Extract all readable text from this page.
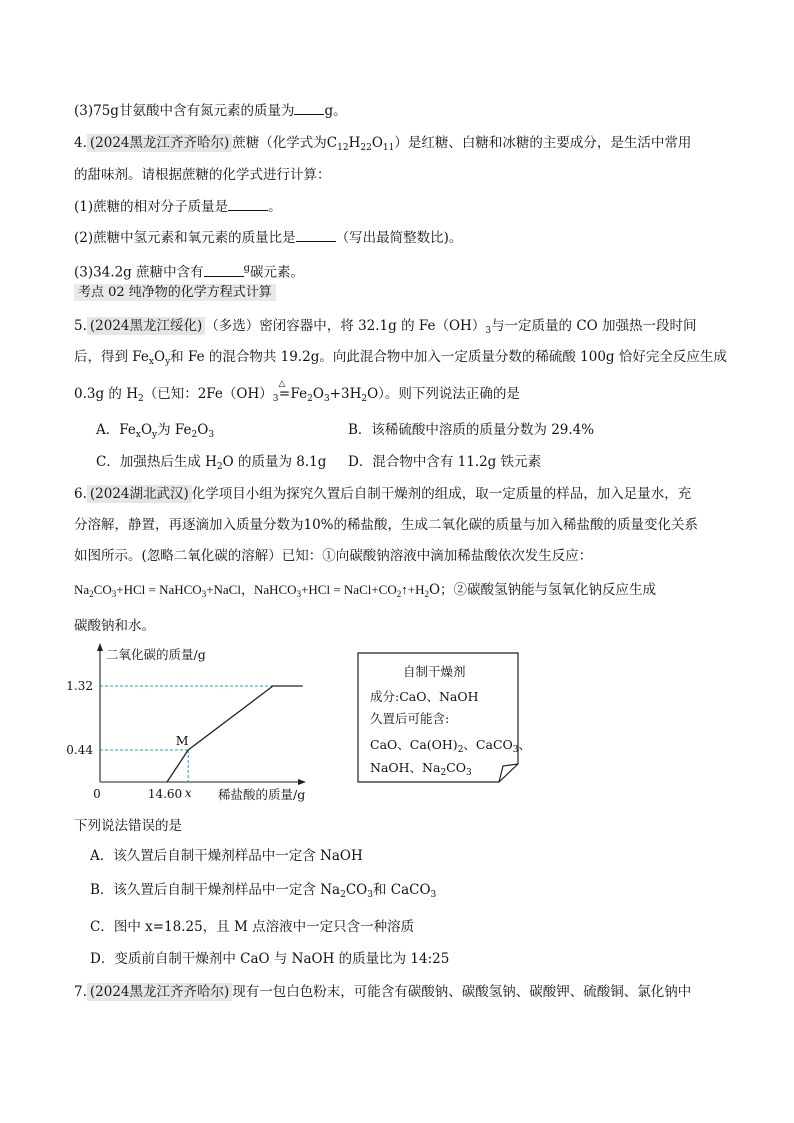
(3)75g甘氨酸中含有氮元素的质量为 g。
4. (2024黑龙江齐齐哈尔) 蔗糖（化学式为$C_{12}H_{22}O_{11}$）是红糖、白糖和冰糖的主要成分，是生活中常用
的甜味剂。请根据蔗糖的化学式进行计算：
(1)蔗糖的相对分子质量是	。
(2)蔗糖中氢元素和氧元素的质量比是	（写出最简整数比)。
(3)34.2g 蔗糖中含有	$^g$碳元素。
考点 02 纯净物的化学方程式计算
5. (2024黑龙江绥化) （多选）密闭容器中，将 32.1g 的 $Fe(OH)_3$与一定质量的 CO 加强热一段时间
后，得到 $Fe_xO_y$和 Fe 的混合物共 19.2g。向此混合物中加入一定质量分数的稀硫酸 100g 恰好完全反应生成
0.3g 的 $H_2$（已知：$2Fe(OH)_3$
△
$=Fe_2O_3+3H_2O$）。则下列说法正确的是
A．$Fe_xO_y$为 $Fe_2O_3$	B．该稀硫酸中溶质的质量分数为 29.4%
C．加强热后生成 $H_2O$ 的质量为 8.1g D．混合物中含有 11.2g 铁元素
6. (2024湖北武汉) 化学项目小组为探究久置后自制干燥剂的组成，取一定质量的样品，加入足量水，充
分溶解，静置，再逐滴加入质量分数为10%的稀盐酸，生成二氧化碳的质量与加入稀盐酸的质量变化关系
如图所示。(忽略二氧化碳的溶解）已知：①向碳酸钠溶液中滴加稀盐酸依次发生反应：
$Na_2CO_3+HCl$ = NaHCO$_3$+NaCl，NaHCO$_3$+HCl = $NaCl+CO_2↑+H_2O$；②碳酸氢钠能与氢氧化钠反应生成
碳酸钠和水。
二氧化碳的质量/g
稀盐酸的质量/g
0
0.44
1.32
14.60 x
M
自制干燥剂
成分:CaO、NaOH
久置后可能含:
CaO、$Ca(OH)_2$、CaCO$_3$、
NaOH、$Na_2CO_3$
下列说法错误的是
A．该久置后自制干燥剂样品中一定含 NaOH
B．该久置后自制干燥剂样品中一定含 $Na_2CO_3$和 CaCO$_3$
C．图中 x=18.25，且 M 点溶液中一定只含一种溶质
D．变质前自制干燥剂中 CaO 与 NaOH 的质量比为 14:25
7. (2024黑龙江齐齐哈尔) 现有一包白色粉末，可能含有碳酸钠、碳酸氢钠、碳酸钾、硫酸铜、氯化钠中
